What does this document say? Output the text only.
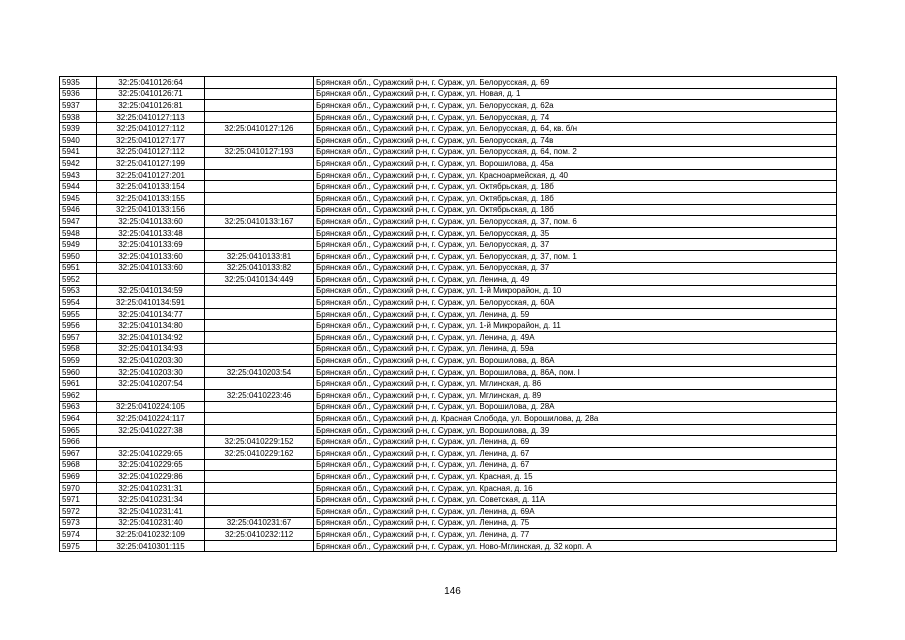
5935	32:25:0410126:64		Брянская обл., Суражский р-н, г. Сураж, ул. Белорусская, д. 69
5936	32:25:0410126:71		Брянская обл., Суражский р-н, г. Сураж, ул. Новая, д. 1
5937	32:25:0410126:81		Брянская обл., Суражский р-н, г. Сураж, ул. Белорусская, д. 62а
5938	32:25:0410127:113		Брянская обл., Суражский р-н, г. Сураж, ул. Белорусская, д. 74
5939	32:25:0410127:112	32:25:0410127:126	Брянская обл., Суражский р-н, г. Сураж, ул. Белорусская, д. 64, кв. б/н
5940	32:25:0410127:177		Брянская обл., Суражский р-н, г. Сураж, ул. Белорусская, д. 74в
5941	32:25:0410127:112	32:25:0410127:193	Брянская обл., Суражский р-н, г. Сураж, ул. Белорусская, д. 64, пом. 2
5942	32:25:0410127:199		Брянская обл., Суражский р-н, г. Сураж, ул. Ворошилова, д. 45а
5943	32:25:0410127:201		Брянская обл., Суражский р-н, г. Сураж, ул. Красноармейская, д. 40
5944	32:25:0410133:154		Брянская обл., Суражский р-н, г. Сураж, ул. Октябрьская, д. 18б
5945	32:25:0410133:155		Брянская обл., Суражский р-н, г. Сураж, ул. Октябрьская, д. 18б
5946	32:25:0410133:156		Брянская обл., Суражский р-н, г. Сураж, ул. Октябрьская, д. 18б
5947	32:25:0410133:60	32:25:0410133:167	Брянская обл., Суражский р-н, г. Сураж, ул. Белорусская, д. 37, пом. 6
5948	32:25:0410133:48		Брянская обл., Суражский р-н, г. Сураж, ул. Белорусская, д. 35
5949	32:25:0410133:69		Брянская обл., Суражский р-н, г. Сураж, ул. Белорусская, д. 37
5950	32:25:0410133:60	32:25:0410133:81	Брянская обл., Суражский р-н, г. Сураж, ул. Белорусская, д. 37, пом. 1
5951	32:25:0410133:60	32:25:0410133:82	Брянская обл., Суражский р-н, г. Сураж, ул. Белорусская, д. 37
5952		32:25:0410134:449	Брянская обл., Суражский р-н, г. Сураж, ул. Ленина, д. 49
5953	32:25:0410134:59		Брянская обл., Суражский р-н, г. Сураж, ул. 1-й Микрорайон, д. 10
5954	32:25:0410134:591		Брянская обл., Суражский р-н, г. Сураж, ул. Белорусская, д. 60А
5955	32:25:0410134:77		Брянская обл., Суражский р-н, г. Сураж, ул. Ленина, д. 59
5956	32:25:0410134:80		Брянская обл., Суражский р-н, г. Сураж, ул. 1-й Микрорайон, д. 11
5957	32:25:0410134:92		Брянская обл., Суражский р-н, г. Сураж, ул. Ленина, д. 49А
5958	32:25:0410134:93		Брянская обл., Суражский р-н, г. Сураж, ул. Ленина, д. 59а
5959	32:25:0410203:30		Брянская обл., Суражский р-н, г. Сураж, ул. Ворошилова, д. 86А
5960	32:25:0410203:30	32:25:0410203:54	Брянская обл., Суражский р-н, г. Сураж, ул. Ворошилова, д. 86А, пом. I
5961	32:25:0410207:54		Брянская обл., Суражский р-н, г. Сураж, ул. Мглинская, д. 86
5962		32:25:0410223:46	Брянская обл., Суражский р-н, г. Сураж, ул. Мглинская, д. 89
5963	32:25:0410224:105		Брянская обл., Суражский р-н, г. Сураж, ул. Ворошилова, д. 28А
5964	32:25:0410224:117		Брянская обл., Суражский р-н, д. Красная Слобода, ул. Ворошилова, д. 28а
5965	32:25:0410227:38		Брянская обл., Суражский р-н, г. Сураж, ул. Ворошилова, д. 39
5966		32:25:0410229:152	Брянская обл., Суражский р-н, г. Сураж, ул. Ленина, д. 69
5967	32:25:0410229:65	32:25:0410229:162	Брянская обл., Суражский р-н, г. Сураж, ул. Ленина, д. 67
5968	32:25:0410229:65		Брянская обл., Суражский р-н, г. Сураж, ул. Ленина, д. 67
5969	32:25:0410229:86		Брянская обл., Суражский р-н, г. Сураж, ул. Красная, д. 15
5970	32:25:0410231:31		Брянская обл., Суражский р-н, г. Сураж, ул. Красная, д. 16
5971	32:25:0410231:34		Брянская обл., Суражский р-н, г. Сураж, ул. Советская, д. 11А
5972	32:25:0410231:41		Брянская обл., Суражский р-н, г. Сураж, ул. Ленина, д. 69А
5973	32:25:0410231:40	32:25:0410231:67	Брянская обл., Суражский р-н, г. Сураж, ул. Ленина, д. 75
5974	32:25:0410232:109	32:25:0410232:112	Брянская обл., Суражский р-н, г. Сураж, ул. Ленина, д. 77
5975	32:25:0410301:115		Брянская обл., Суражский р-н, г. Сураж, ул. Ново-Мглинская, д. 32 корп. А
146
